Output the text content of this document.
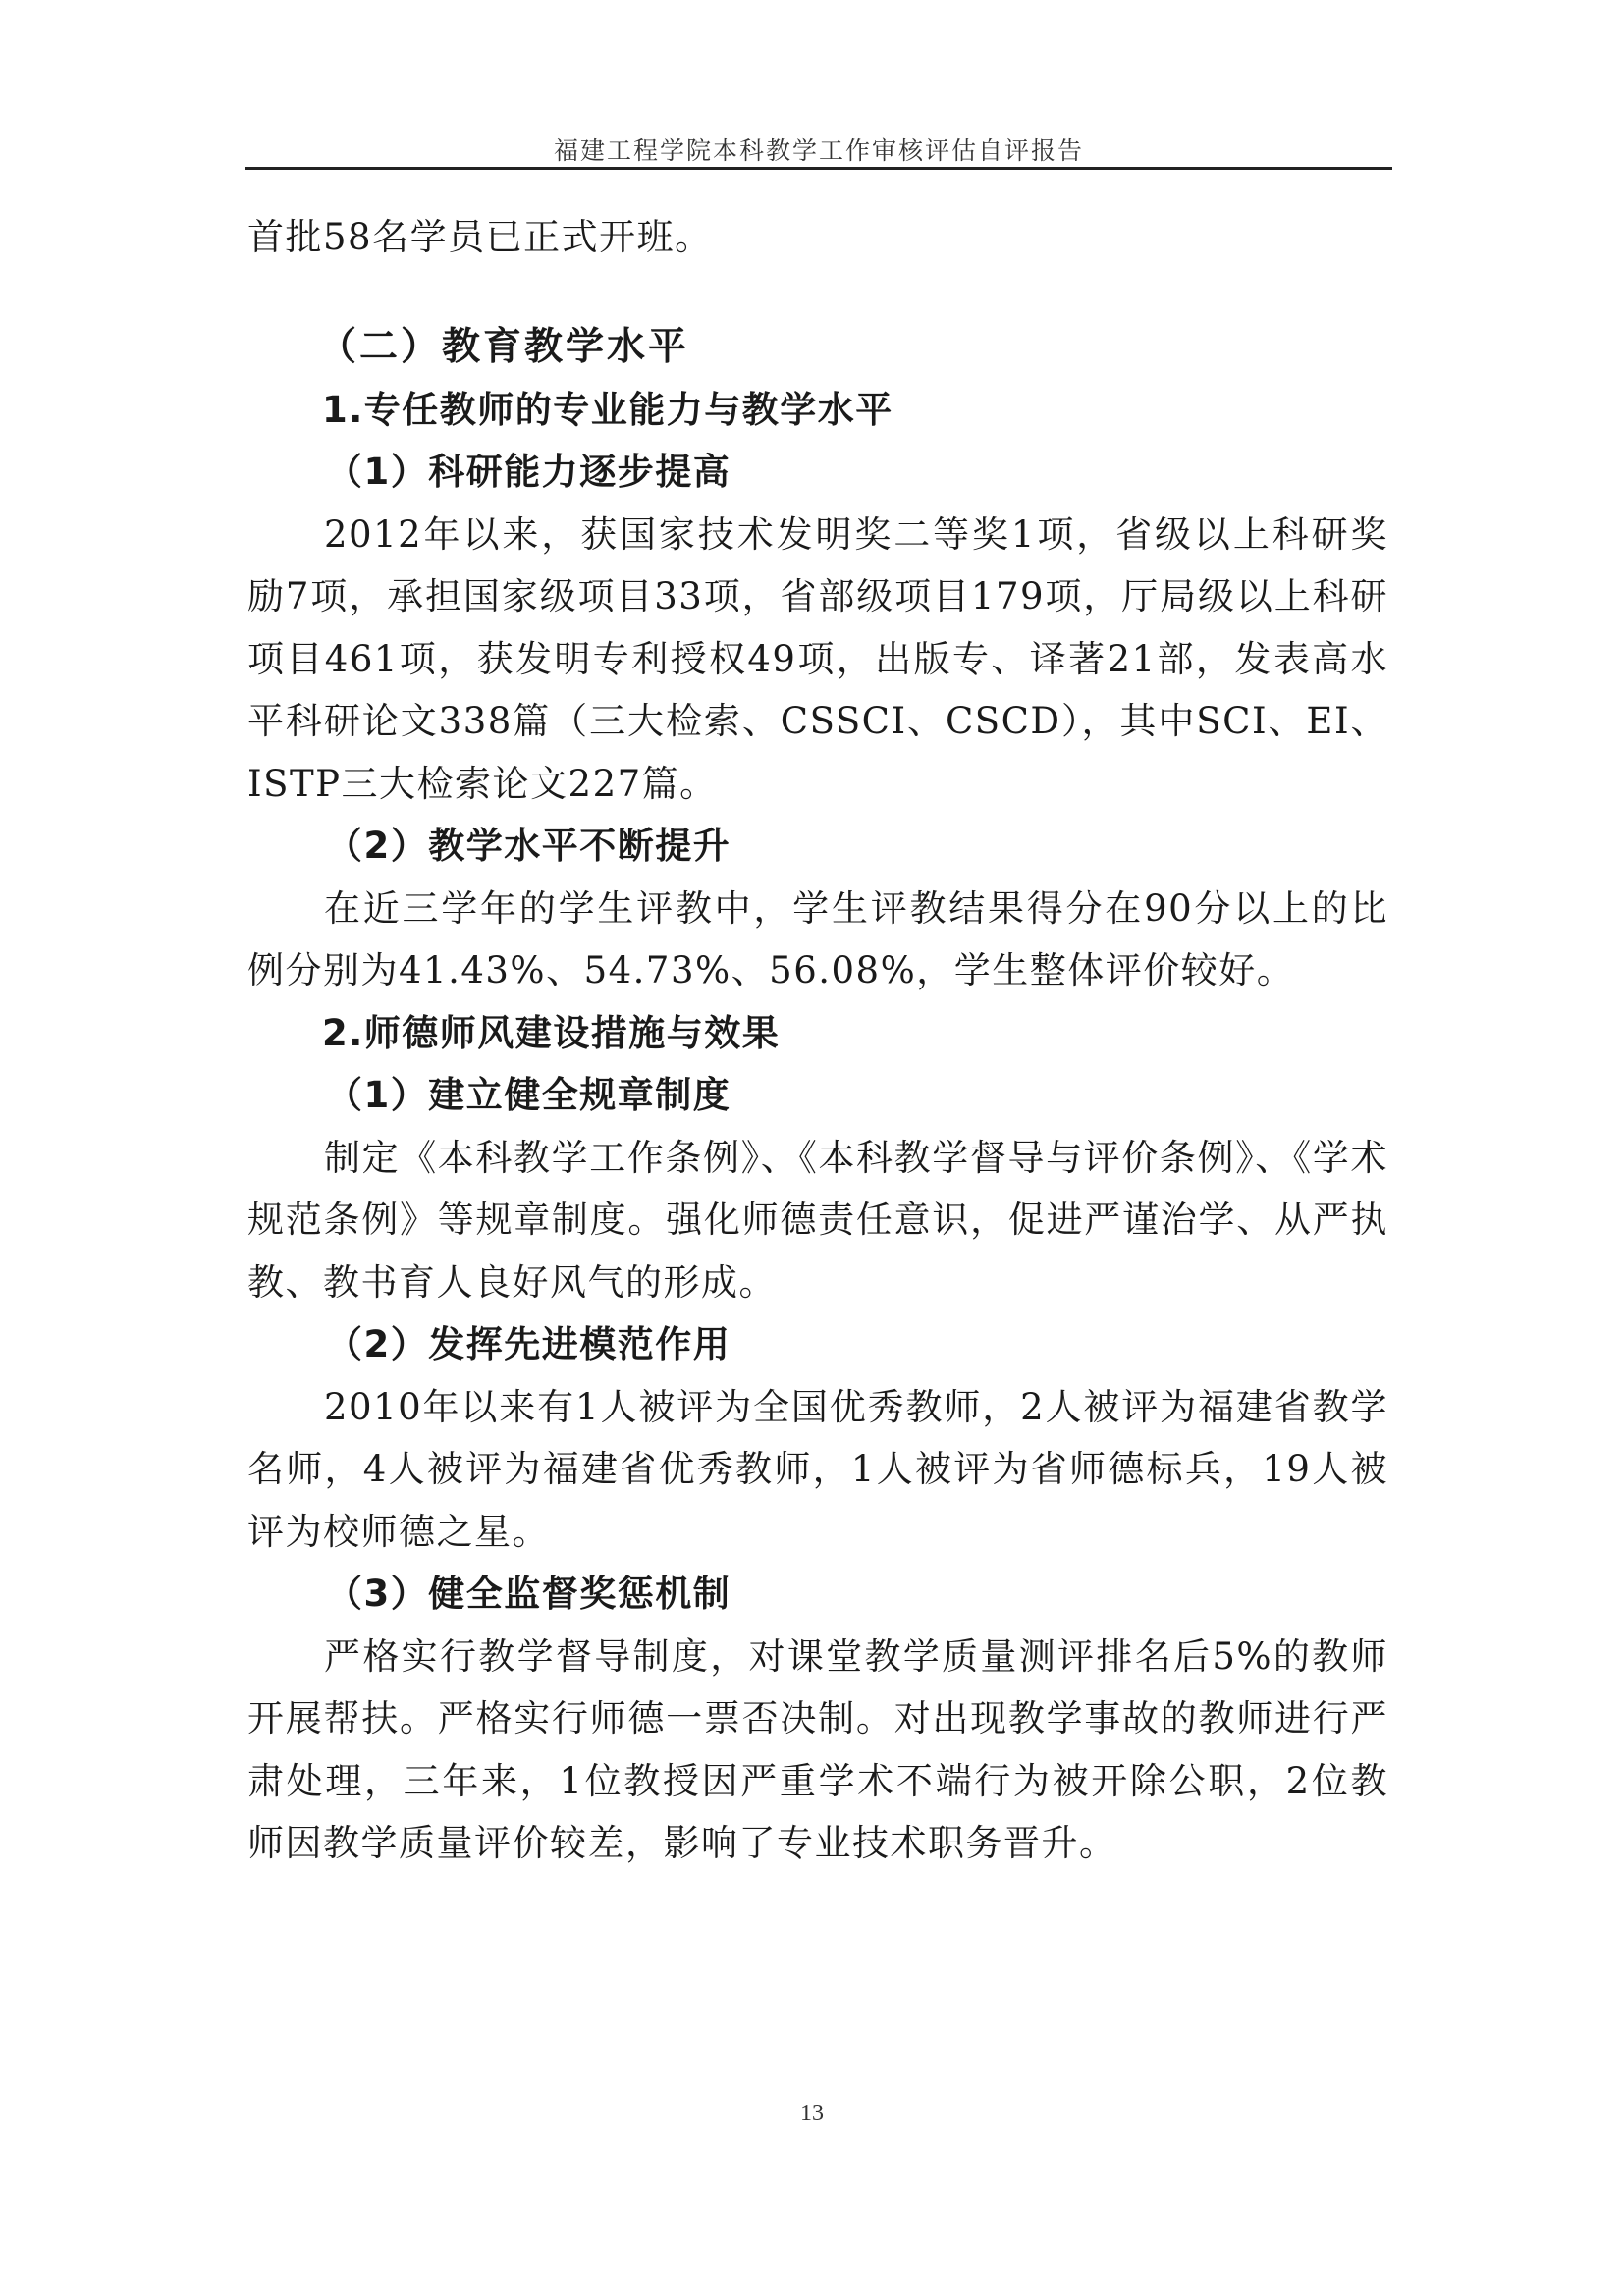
福建工程学院本科教学工作审核评估自评报告

首批58名学员已正式开班。

（二）教育教学水平
1.专任教师的专业能力与教学水平
（1）科研能力逐步提高

2012年以来，获国家技术发明奖二等奖1项，省级以上科研奖励7项，承担国家级项目33项，省部级项目179项，厅局级以上科研项目461项，获发明专利授权49项，出版专、译著21部，发表高水平科研论文338篇（三大检索、CSSCI、CSCD），其中SCI、EI、ISTP三大检索论文227篇。

（2）教学水平不断提升

在近三学年的学生评教中，学生评教结果得分在90分以上的比例分别为41.43%、54.73%、56.08%，学生整体评价较好。

2.师德师风建设措施与效果
（1）建立健全规章制度

制定《本科教学工作条例》、《本科教学督导与评价条例》、《学术规范条例》等规章制度。强化师德责任意识，促进严谨治学、从严执教、教书育人良好风气的形成。

（2）发挥先进模范作用

2010年以来有1人被评为全国优秀教师，2人被评为福建省教学名师，4人被评为福建省优秀教师，1人被评为省师德标兵，19人被评为校师德之星。

（3）健全监督奖惩机制

严格实行教学督导制度，对课堂教学质量测评排名后5%的教师开展帮扶。严格实行师德一票否决制。对出现教学事故的教师进行严肃处理，三年来，1位教授因严重学术不端行为被开除公职，2位教师因教学质量评价较差，影响了专业技术职务晋升。

13
